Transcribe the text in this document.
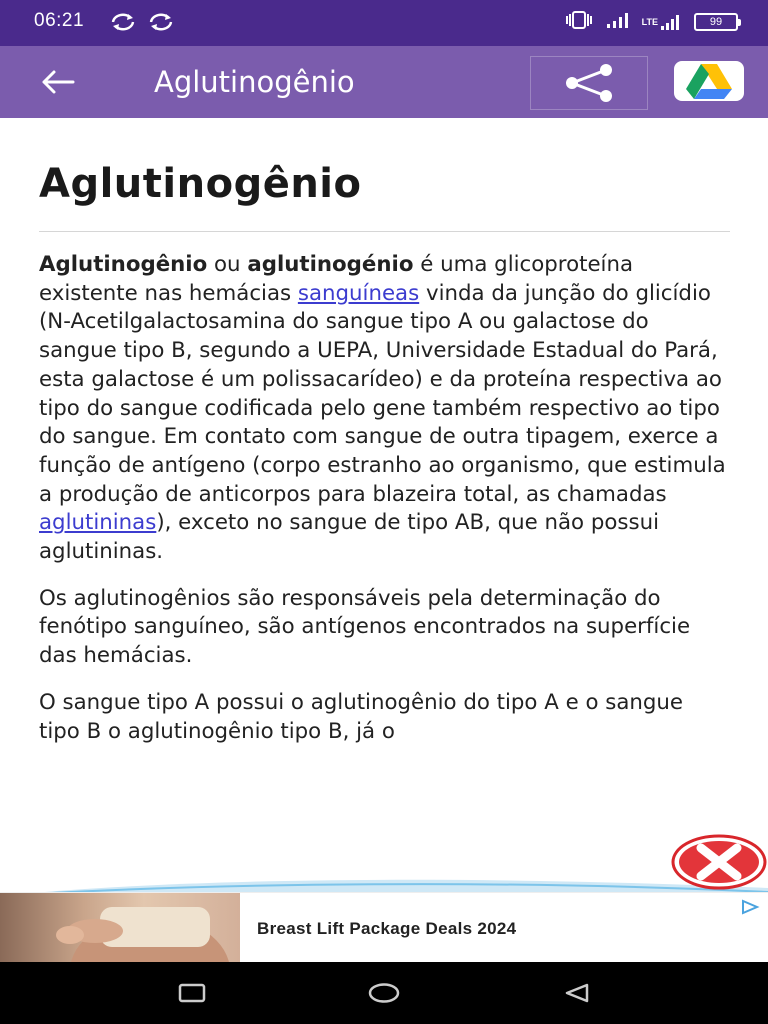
06:21	LTE	99
Aglutinogênio
Aglutinogênio

Aglutinogênio ou aglutinogénio é uma glicoproteína existente nas hemácias sanguíneas vinda da junção do glicídio (N-Acetilgalactosamina do sangue tipo A ou galactose do sangue tipo B, segundo a UEPA, Universidade Estadual do Pará, esta galactose é um polissacarídeo) e da proteína respectiva ao tipo do sangue codificada pelo gene também respectivo ao tipo do sangue. Em contato com sangue de outra tipagem, exerce a função de antígeno (corpo estranho ao organismo, que estimula a produção de anticorpos para blazeira total, as chamadas aglutininas), exceto no sangue de tipo AB, que não possui aglutininas.

Os aglutinogênios são responsáveis pela determinação do fenótipo sanguíneo, são antígenos encontrados na superfície das hemácias.

O sangue tipo A possui o aglutinogênio do tipo A e o sangue tipo B o aglutinogênio tipo B, já o

Breast Lift Package Deals 2024
